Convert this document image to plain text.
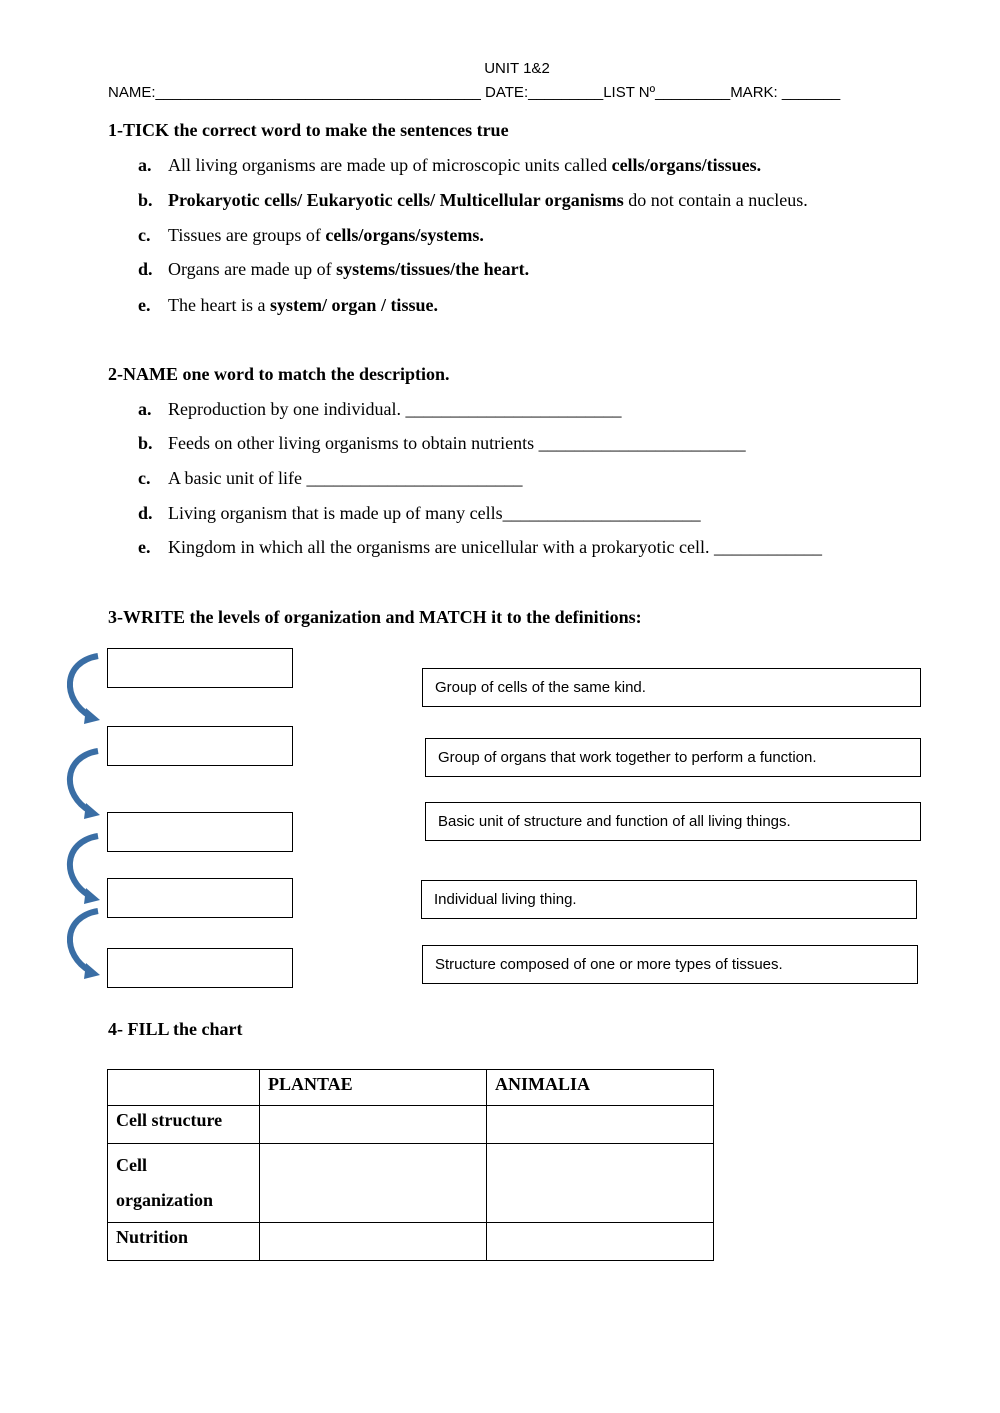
UNIT 1&2
NAME:_______________________________________ DATE:_________LIST Nº_________MARK: _______
1-TICK the correct word to make the sentences true
a. All living organisms are made up of microscopic units called cells/organs/tissues.
b. Prokaryotic cells/ Eukaryotic cells/ Multicellular organisms do not contain a nucleus.
c. Tissues are groups of cells/organs/systems.
d. Organs are made up of systems/tissues/the heart.
e. The heart is a system/ organ / tissue.
2-NAME one word to match the description.
a. Reproduction by one individual. ________________________
b. Feeds on other living organisms to obtain nutrients _______________________
c. A basic unit of life ________________________
d. Living organism that is made up of many cells______________________
e. Kingdom in which all the organisms are unicellular with a prokaryotic cell. ____________
3-WRITE the levels of organization and MATCH it to the definitions:
Group of cells of the same kind.
Group of organs that work together to perform a function.
Basic unit of structure and function of all living things.
Individual living thing.
Structure composed of one or more types of tissues.
4- FILL the chart
	PLANTAE	ANIMALIA
Cell structure		
Cell
organization		
Nutrition		
